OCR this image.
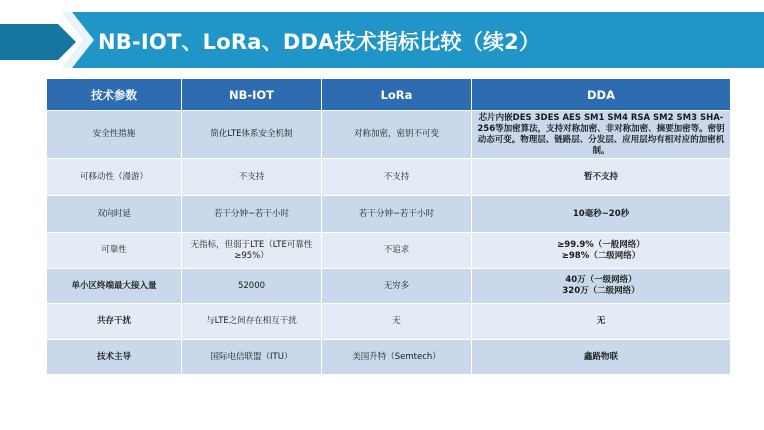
NB-IOT、LoRa、DDA技术指标比较（续2）
技术参数	NB-IOT	LoRa	DDA
安全性措施	简化LTE体系安全机制	对称加密，密钥不可变	芯片内嵌DES 3DES AES SM1 SM4 RSA SM2 SM3 SHA-256等加密算法，支持对称加密、非对称加密、摘要加密等。密钥动态可变。物理层、链路层、分发层、应用层均有相对应的加密机制。
可移动性（漫游）	不支持	不支持	暂不支持
双向时延	若干分钟~若干小时	若干分钟~若干小时	10毫秒~20秒
可靠性	无指标，但弱于LTE（LTE可靠性≥95%）	不追求	≥99.9%（一般网络）
≥98%（二级网络）

单小区终端最大接入量	52000	无穷多	40万（一级网络）
320万（二级网络）

共存干扰	与LTE之间存在相互干扰	无	无
技术主导	国际电信联盟（ITU）	美国升特（Semtech）	鑫路物联
